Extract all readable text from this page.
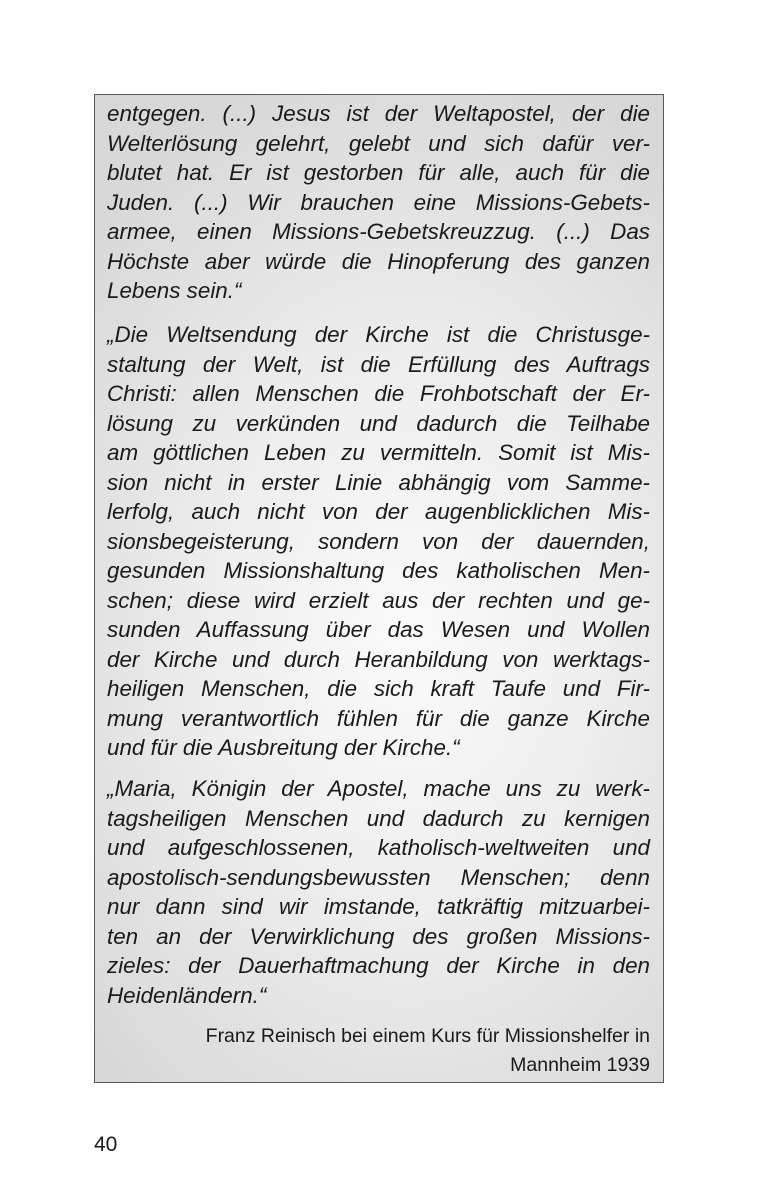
entgegen. (...) Jesus ist der Weltapostel, der die
Welterlösung gelehrt, gelebt und sich dafür ver-
blutet hat. Er ist gestorben für alle, auch für die
Juden. (...) Wir brauchen eine Missions-Gebets-
armee, einen Missions-Gebetskreuzzug. (...) Das
Höchste aber würde die Hinopferung des ganzen
Lebens sein.“
„Die Weltsendung der Kirche ist die Christusge-
staltung der Welt, ist die Erfüllung des Auftrags
Christi: allen Menschen die Frohbotschaft der Er-
lösung zu verkünden und dadurch die Teilhabe
am göttlichen Leben zu vermitteln. Somit ist Mis-
sion nicht in erster Linie abhängig vom Samme-
lerfolg, auch nicht von der augenblicklichen Mis-
sionsbegeisterung, sondern von der dauernden,
gesunden Missionshaltung des katholischen Men-
schen; diese wird erzielt aus der rechten und ge-
sunden Auffassung über das Wesen und Wollen
der Kirche und durch Heranbildung von werktags-
heiligen Menschen, die sich kraft Taufe und Fir-
mung verantwortlich fühlen für die ganze Kirche
und für die Ausbreitung der Kirche.“
„Maria, Königin der Apostel, mache uns zu werk-
tagsheiligen Menschen und dadurch zu kernigen
und aufgeschlossenen, katholisch-weltweiten und
apostolisch-sendungsbewussten Menschen; denn
nur dann sind wir imstande, tatkräftig mitzuarbei-
ten an der Verwirklichung des großen Missions-
zieles: der Dauerhaftmachung der Kirche in den
Heidenländern.“

Franz Reinisch bei einem Kurs für Missionshelfer in
Mannheim 1939

40
